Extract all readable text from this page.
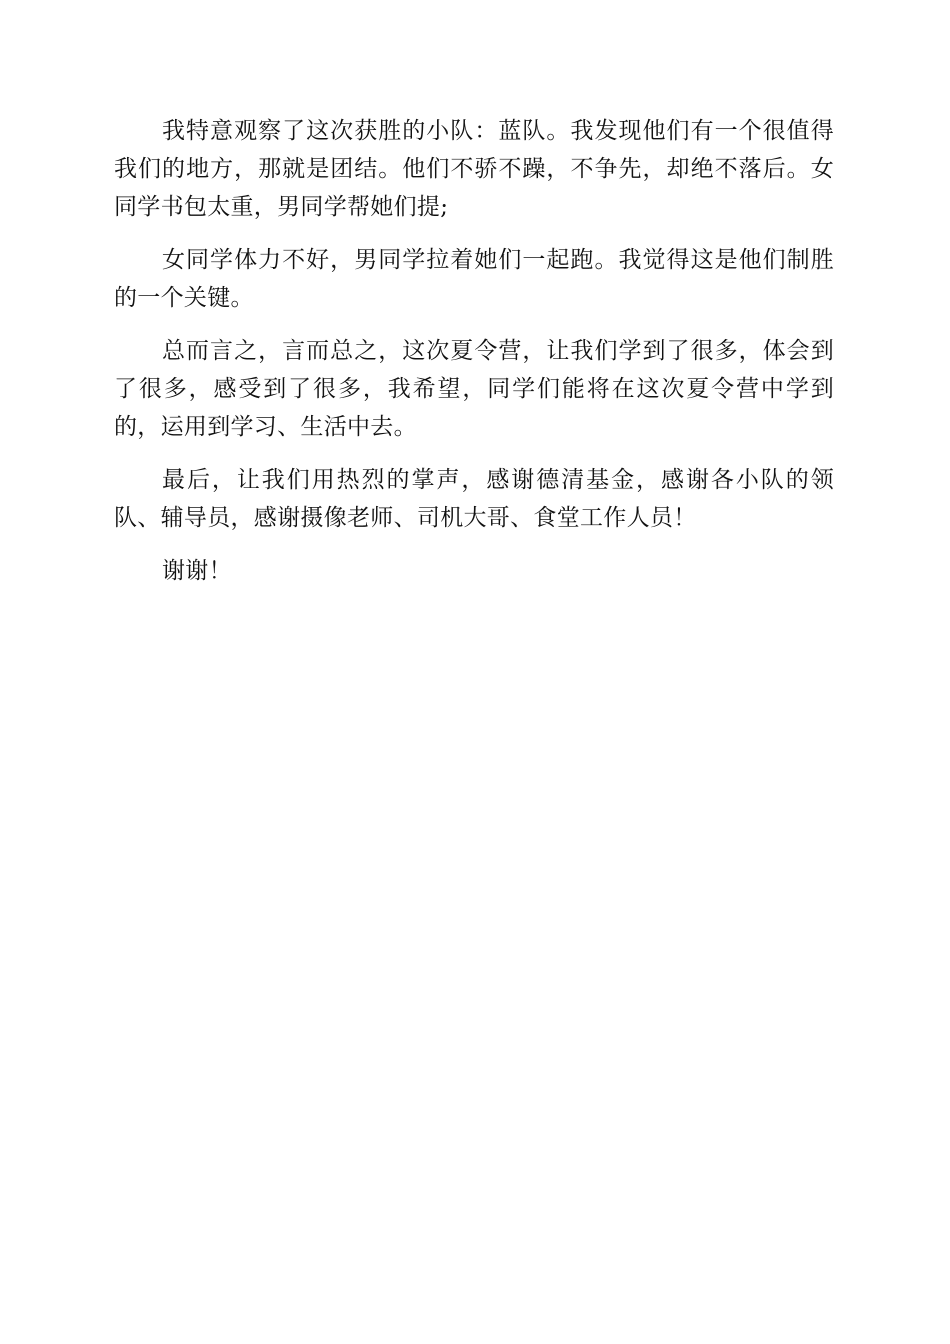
我特意观察了这次获胜的小队：蓝队。我发现他们有一个很值得我们的地方，那就是团结。他们不骄不躁，不争先，却绝不落后。女同学书包太重，男同学帮她们提;

女同学体力不好，男同学拉着她们一起跑。我觉得这是他们制胜的一个关键。

总而言之，言而总之，这次夏令营，让我们学到了很多，体会到了很多，感受到了很多，我希望，同学们能将在这次夏令营中学到的，运用到学习、生活中去。

最后，让我们用热烈的掌声，感谢德清基金，感谢各小队的领队、辅导员，感谢摄像老师、司机大哥、食堂工作人员！

谢谢！
